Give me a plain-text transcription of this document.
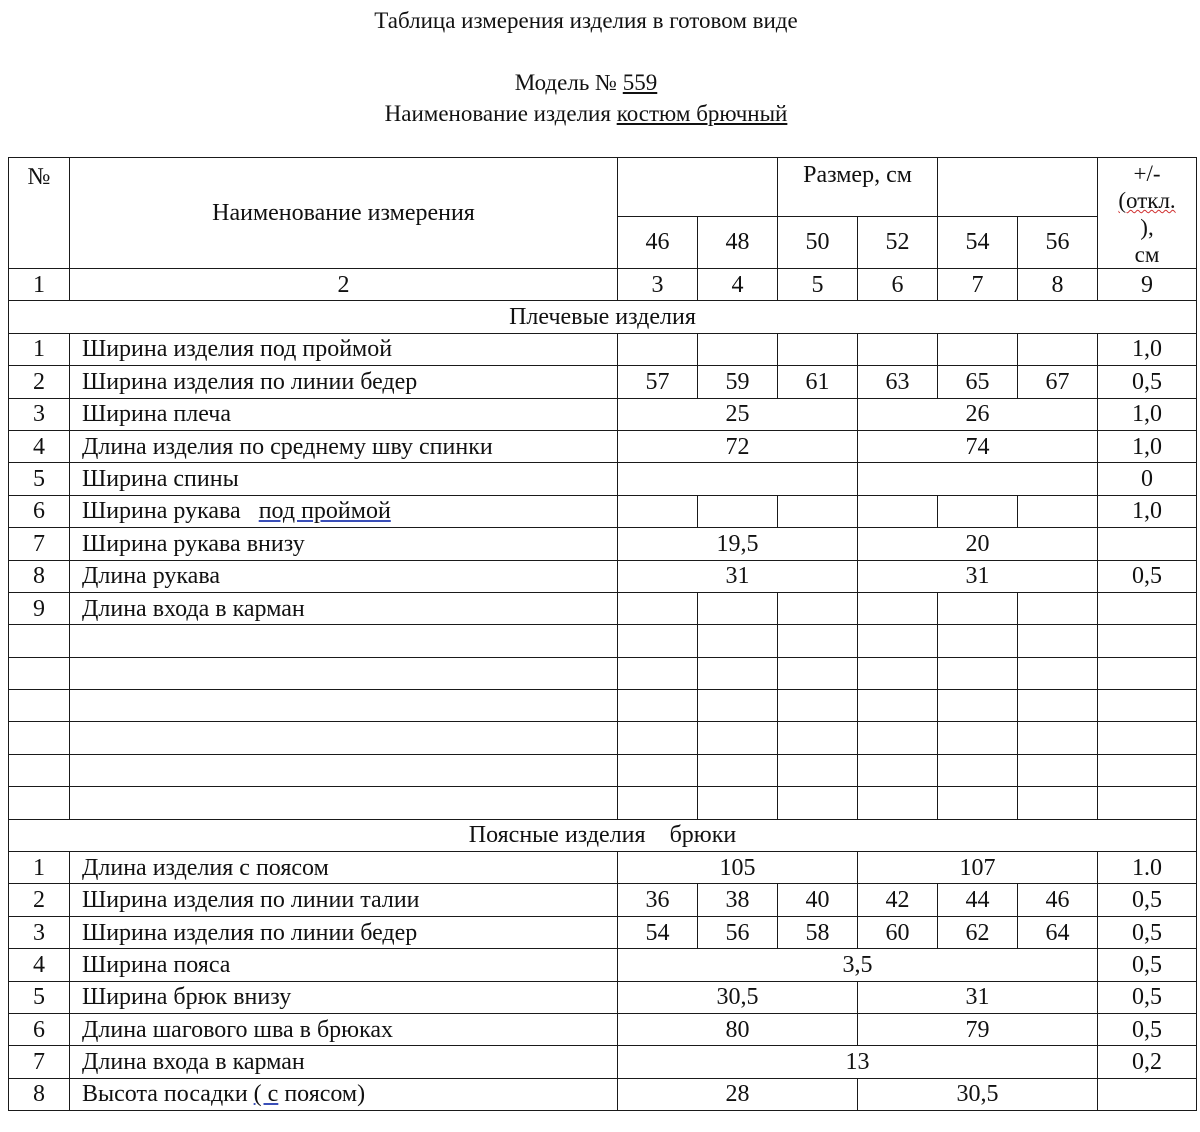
Таблица измерения изделия в готовом виде
Модель № 559
Наименование изделия костюм брючный
№	Наименование измерения			Размер, см				+/-
(откл.
),
см

		46	48	50	52	54	56	
1	2	3	4	5	6	7	8	9
Плечевые изделия								
1	Ширина изделия под проймой							1,0
2	Ширина изделия по линии бедер	57	59	61	63	65	67	0,5
3	Ширина плеча	25			26			1,0
4	Длина изделия по среднему шву спинки	72			74			1,0
5	Ширина спины							0
6	Ширина рукава под проймой							1,0
7	Ширина рукава внизу	19,5			20			
8	Длина рукава	31			31			0,5
9	Длина входа в карман							

Поясные изделия брюки								
1	Длина изделия с поясом	105			107			1.0
2	Ширина изделия по линии талии	36	38	40	42	44	46	0,5
3	Ширина изделия по линии бедер	54	56	58	60	62	64	0,5
4	Ширина пояса	3,5						0,5
5	Ширина брюк внизу	30,5			31			0,5
6	Длина шагового шва в брюках	80			79			0,5
7	Длина входа в карман	13						0,2
8	Высота посадки ( с поясом)	28			30,5			
